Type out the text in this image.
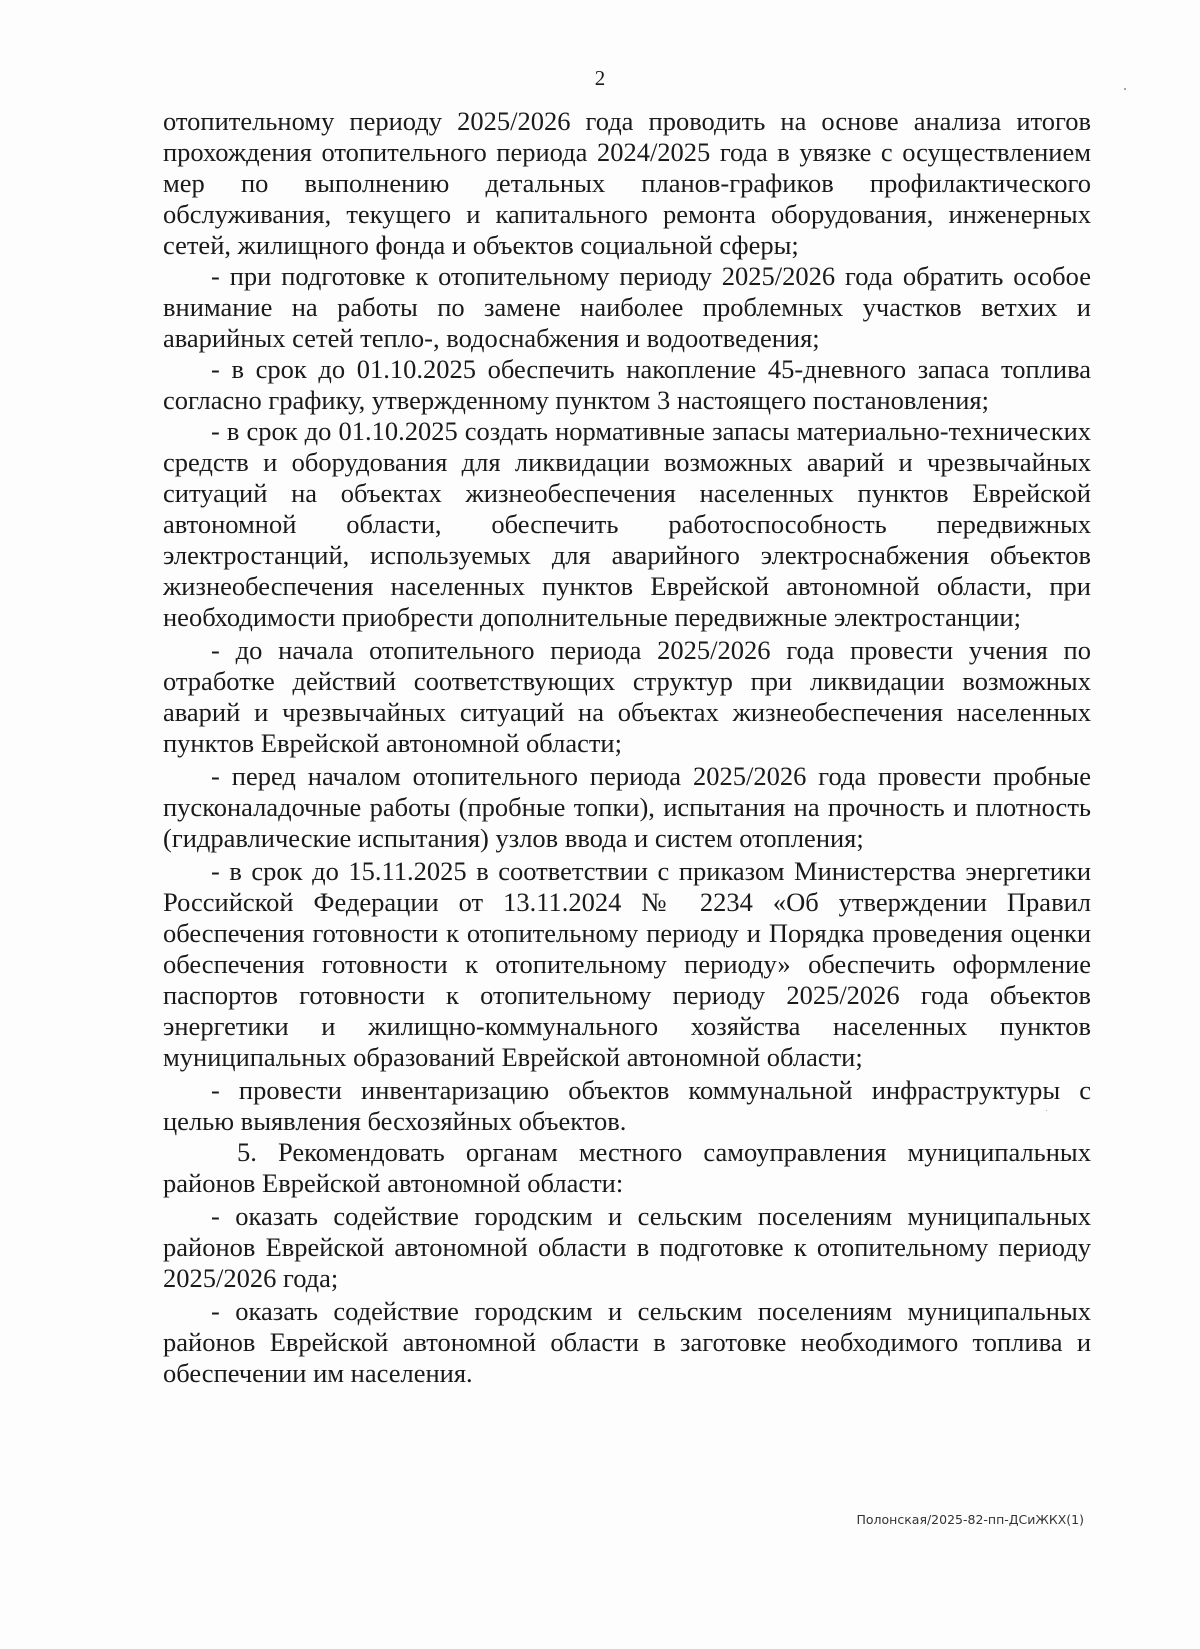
2

отопительному периоду 2025/2026 года проводить на основе анализа итогов прохождения отопительного периода 2024/2025 года в увязке с осуществлением мер по выполнению детальных планов-графиков профилактического обслуживания, текущего и капитального ремонта оборудования, инженерных сетей, жилищного фонда и объектов социальной сферы;

- при подготовке к отопительному периоду 2025/2026 года обратить особое внимание на работы по замене наиболее проблемных участков ветхих и аварийных сетей тепло-, водоснабжения и водоотведения;

- в срок до 01.10.2025 обеспечить накопление 45-дневного запаса топлива согласно графику, утвержденному пунктом 3 настоящего постановления;

- в срок до 01.10.2025 создать нормативные запасы материально-технических средств и оборудования для ликвидации возможных аварий и чрезвычайных ситуаций на объектах жизнеобеспечения населенных пунктов Еврейской автономной области, обеспечить работоспособность передвижных электростанций, используемых для аварийного электроснабжения объектов жизнеобеспечения населенных пунктов Еврейской автономной области, при необходимости приобрести дополнительные передвижные электростанции;

- до начала отопительного периода 2025/2026 года провести учения по отработке действий соответствующих структур при ликвидации возможных аварий и чрезвычайных ситуаций на объектах жизнеобеспечения населенных пунктов Еврейской автономной области;

- перед началом отопительного периода 2025/2026 года провести пробные пусконаладочные работы (пробные топки), испытания на прочность и плотность (гидравлические испытания) узлов ввода и систем отопления;

- в срок до 15.11.2025 в соответствии с приказом Министерства энергетики Российской Федерации от 13.11.2024 № 2234 «Об утверждении Правил обеспечения готовности к отопительному периоду и Порядка проведения оценки обеспечения готовности к отопительному периоду» обеспечить оформление паспортов готовности к отопительному периоду 2025/2026 года объектов энергетики и жилищно-коммунального хозяйства населенных пунктов муниципальных образований Еврейской автономной области;

- провести инвентаризацию объектов коммунальной инфраструктуры с целью выявления бесхозяйных объектов.

5. Рекомендовать органам местного самоуправления муниципальных районов Еврейской автономной области:

- оказать содействие городским и сельским поселениям муниципальных районов Еврейской автономной области в подготовке к отопительному периоду 2025/2026 года;

- оказать содействие городским и сельским поселениям муниципальных районов Еврейской автономной области в заготовке необходимого топлива и обеспечении им населения.

Полонская/2025-82-пп-ДСиЖКХ(1)
